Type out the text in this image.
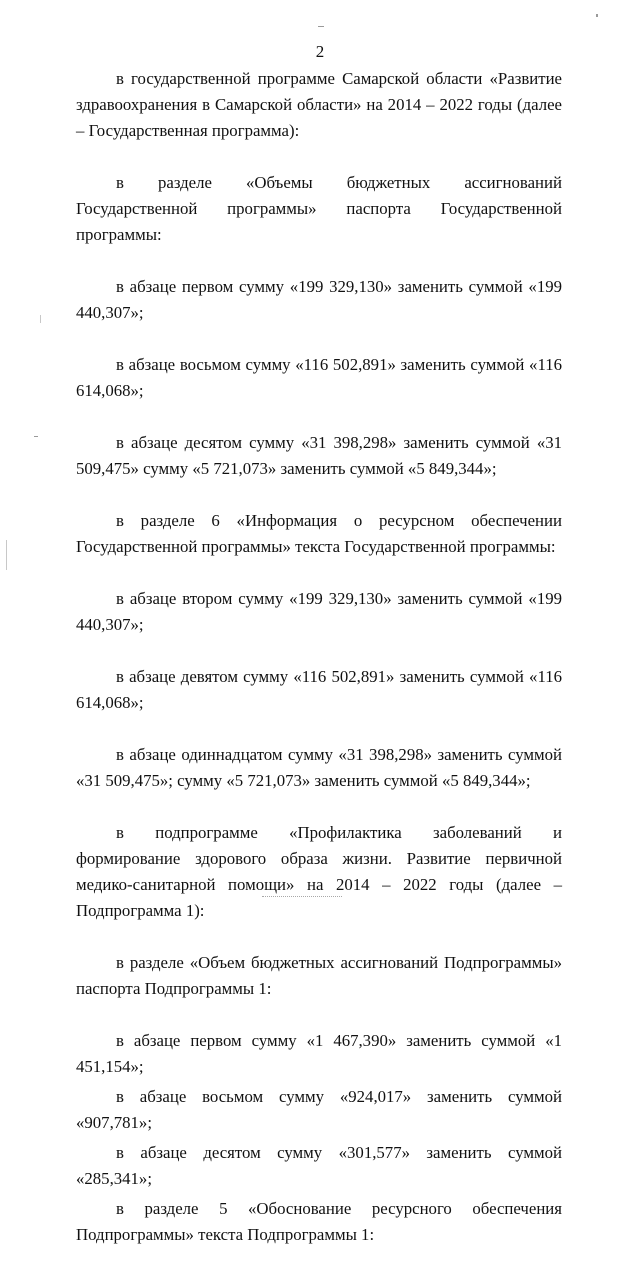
2

в государственной программе Самарской области «Развитие здравоохранения в Самарской области» на 2014 – 2022 годы (далее – Государственная программа):

в разделе «Объемы бюджетных ассигнований Государственной программы» паспорта Государственной программы:

в абзаце первом сумму «199 329,130» заменить суммой «199 440,307»;

в абзаце восьмом сумму «116 502,891» заменить суммой «116 614,068»;

в абзаце десятом сумму «31 398,298» заменить суммой «31 509,475» сумму «5 721,073» заменить суммой «5 849,344»;

в разделе 6 «Информация о ресурсном обеспечении Государственной программы» текста Государственной программы:

в абзаце втором сумму «199 329,130» заменить суммой «199 440,307»;

в абзаце девятом сумму «116 502,891» заменить суммой «116 614,068»;

в абзаце одиннадцатом сумму «31 398,298» заменить суммой «31 509,475»; сумму «5 721,073» заменить суммой «5 849,344»;

в подпрограмме «Профилактика заболеваний и формирование здорового образа жизни. Развитие первичной медико-санитарной помощи» на 2014 – 2022 годы (далее – Подпрограмма 1):

в разделе «Объем бюджетных ассигнований Подпрограммы» паспорта Подпрограммы 1:

в абзаце первом сумму «1 467,390» заменить суммой «1 451,154»;

в абзаце восьмом сумму «924,017» заменить суммой «907,781»;

в абзаце десятом сумму «301,577» заменить суммой «285,341»;

в разделе 5 «Обоснование ресурсного обеспечения Подпрограммы» текста Подпрограммы 1:
